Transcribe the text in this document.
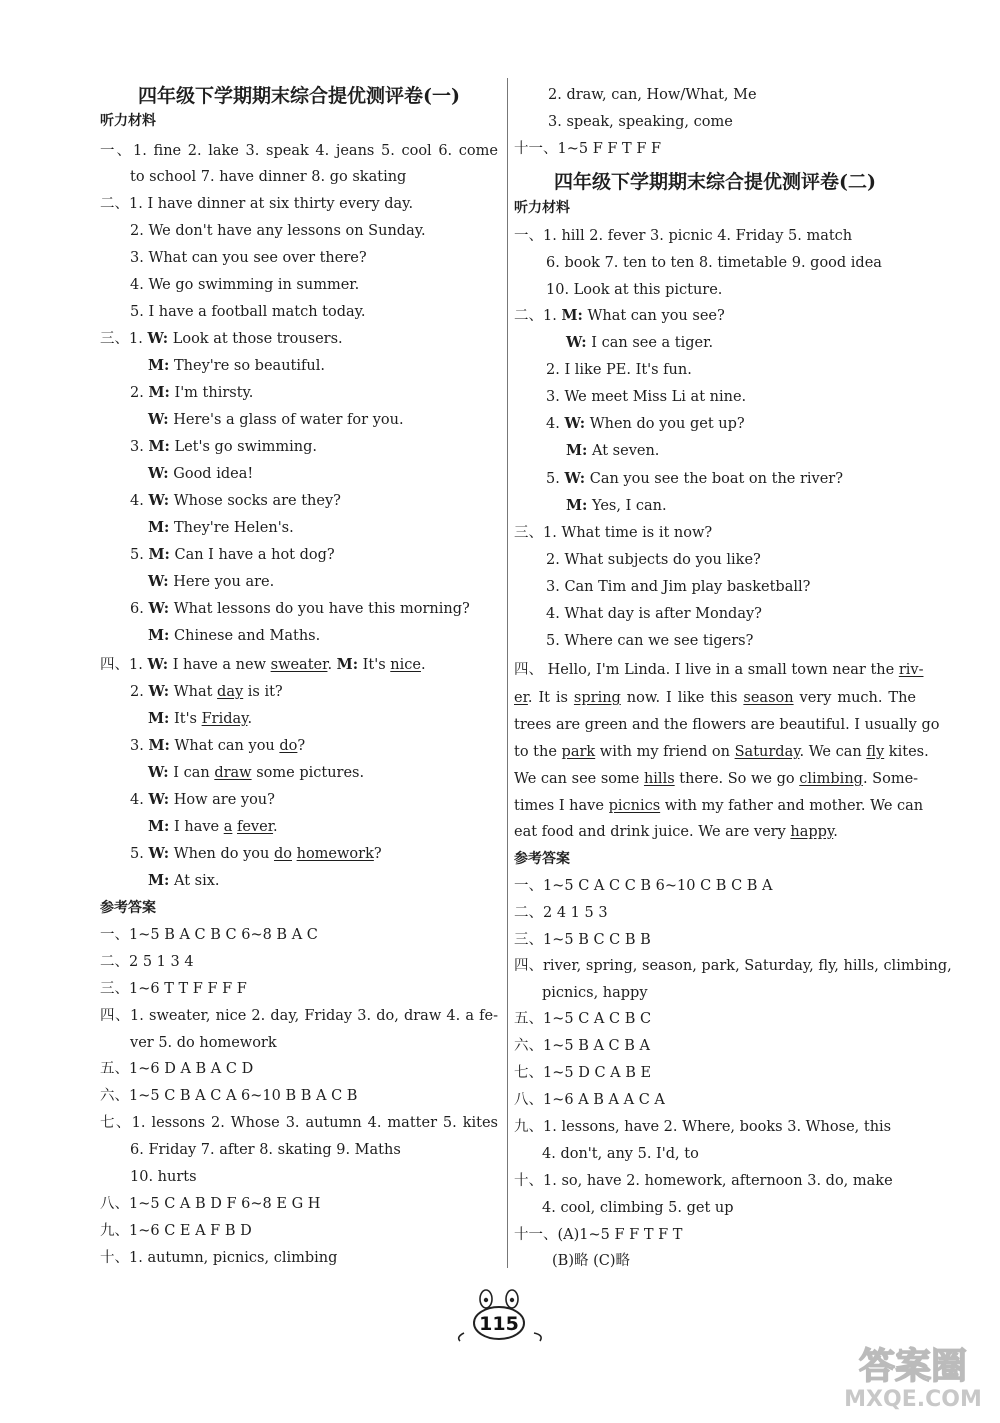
四年级下学期期末综合提优测评卷(一)
听力材料
一、1. fine 2. lake 3. speak 4. jeans 5. cool 6. come
to school 7. have dinner 8. go skating
二、1. I have dinner at six thirty every day.
2. We don't have any lessons on Sunday.
3. What can you see over there?
4. We go swimming in summer.
5. I have a football match today.
三、1. W: Look at those trousers.
M: They're so beautiful.
2. M: I'm thirsty.
W: Here's a glass of water for you.
3. M: Let's go swimming.
W: Good idea!
4. W: Whose socks are they?
M: They're Helen's.
5. M: Can I have a hot dog?
W: Here you are.
6. W: What lessons do you have this morning?
M: Chinese and Maths.
四、1. W: I have a new sweater. M: It's nice.
2. W: What day is it?
M: It's Friday.
3. M: What can you do?
W: I can draw some pictures.
4. W: How are you?
M: I have a fever.
5. W: When do you do homework?
M: At six.
参考答案
一、1~5 B A C B C 6~8 B A C
二、2 5 1 3 4
三、1~6 T T F F F F
四、1. sweater, nice 2. day, Friday 3. do, draw 4. a fe-
ver 5. do homework
五、1~6 D A B A C D
六、1~5 C B A C A 6~10 B B A C B
七、1. lessons 2. Whose 3. autumn 4. matter 5. kites
6. Friday 7. after 8. skating 9. Maths
10. hurts
八、1~5 C A B D F 6~8 E G H
九、1~6 C E A F B D
十、1. autumn, picnics, climbing
2. draw, can, How/What, Me
3. speak, speaking, come
十一、1~5 F F T F F
四年级下学期期末综合提优测评卷(二)
听力材料
一、1. hill 2. fever 3. picnic 4. Friday 5. match
6. book 7. ten to ten 8. timetable 9. good idea
10. Look at this picture.
二、1. M: What can you see?
W: I can see a tiger.
2. I like PE. It's fun.
3. We meet Miss Li at nine.
4. W: When do you get up?
M: At seven.
5. W: Can you see the boat on the river?
M: Yes, I can.
三、1. What time is it now?
2. What subjects do you like?
3. Can Tim and Jim play basketball?
4. What day is after Monday?
5. Where can we see tigers?
四、 Hello, I'm Linda. I live in a small town near the riv-
er. It is spring now. I like this season very much. The
trees are green and the flowers are beautiful. I usually go
to the park with my friend on Saturday. We can fly kites.
We can see some hills there. So we go climbing. Some-
times I have picnics with my father and mother. We can
eat food and drink juice. We are very happy.
参考答案
一、1~5 C A C C B 6~10 C B C B A
二、2 4 1 5 3
三、1~5 B C C B B
四、river, spring, season, park, Saturday, fly, hills, climbing,
picnics, happy
五、1~5 C A C B C
六、1~5 B A C B A
七、1~5 D C A B E
八、1~6 A B A A C A
九、1. lessons, have 2. Where, books 3. Whose, this
4. don't, any 5. I'd, to
十、1. so, have 2. homework, afternoon 3. do, make
4. cool, climbing 5. get up
十一、(A)1~5 F F T F T
(B)略 (C)略
115
答案圈
MXQE.COM
